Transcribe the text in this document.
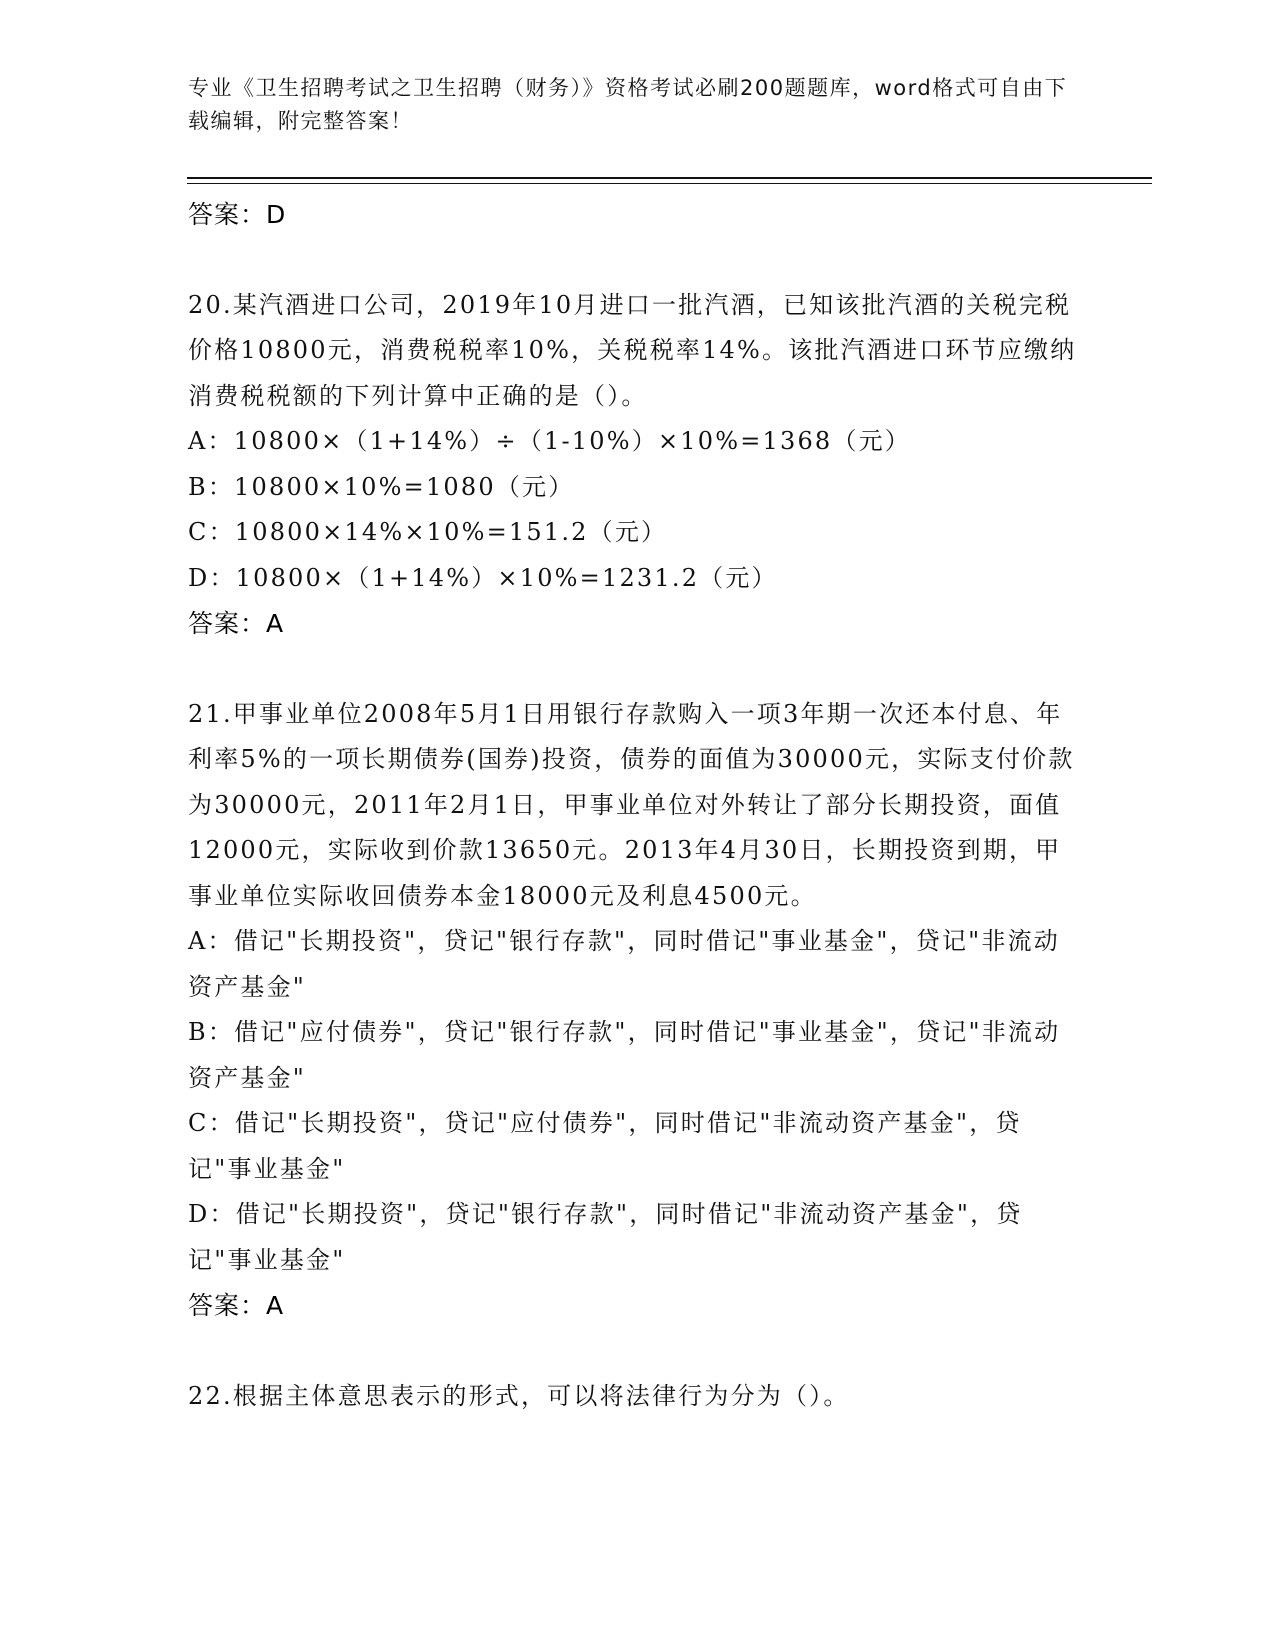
专业《卫生招聘考试之卫生招聘（财务）》资格考试必刷200题题库，word格式可自由下载编辑，附完整答案！
答案：D

20.某汽酒进口公司，2019年10月进口一批汽酒，已知该批汽酒的关税完税价格10800元，消费税税率10%，关税税率14%。该批汽酒进口环节应缴纳消费税税额的下列计算中正确的是（）。

A：10800×（1+14%）÷（1-10%）×10%=1368（元）

B：10800×10%=1080（元）

C：10800×14%×10%=151.2（元）

D：10800×（1+14%）×10%=1231.2（元）

答案：A

21.甲事业单位2008年5月1日用银行存款购入一项3年期一次还本付息、年利率5%的一项长期债券(国券)投资，债券的面值为30000元，实际支付价款为30000元，2011年2月1日，甲事业单位对外转让了部分长期投资，面值12000元，实际收到价款13650元。2013年4月30日，长期投资到期，甲事业单位实际收回债券本金18000元及利息4500元。

A：借记"长期投资"，贷记"银行存款"，同时借记"事业基金"，贷记"非流动资产基金"

B：借记"应付债券"，贷记"银行存款"，同时借记"事业基金"，贷记"非流动资产基金"

C：借记"长期投资"，贷记"应付债券"，同时借记"非流动资产基金"，贷记"事业基金"

D：借记"长期投资"，贷记"银行存款"，同时借记"非流动资产基金"，贷记"事业基金"

答案：A

22.根据主体意思表示的形式，可以将法律行为分为（）。
